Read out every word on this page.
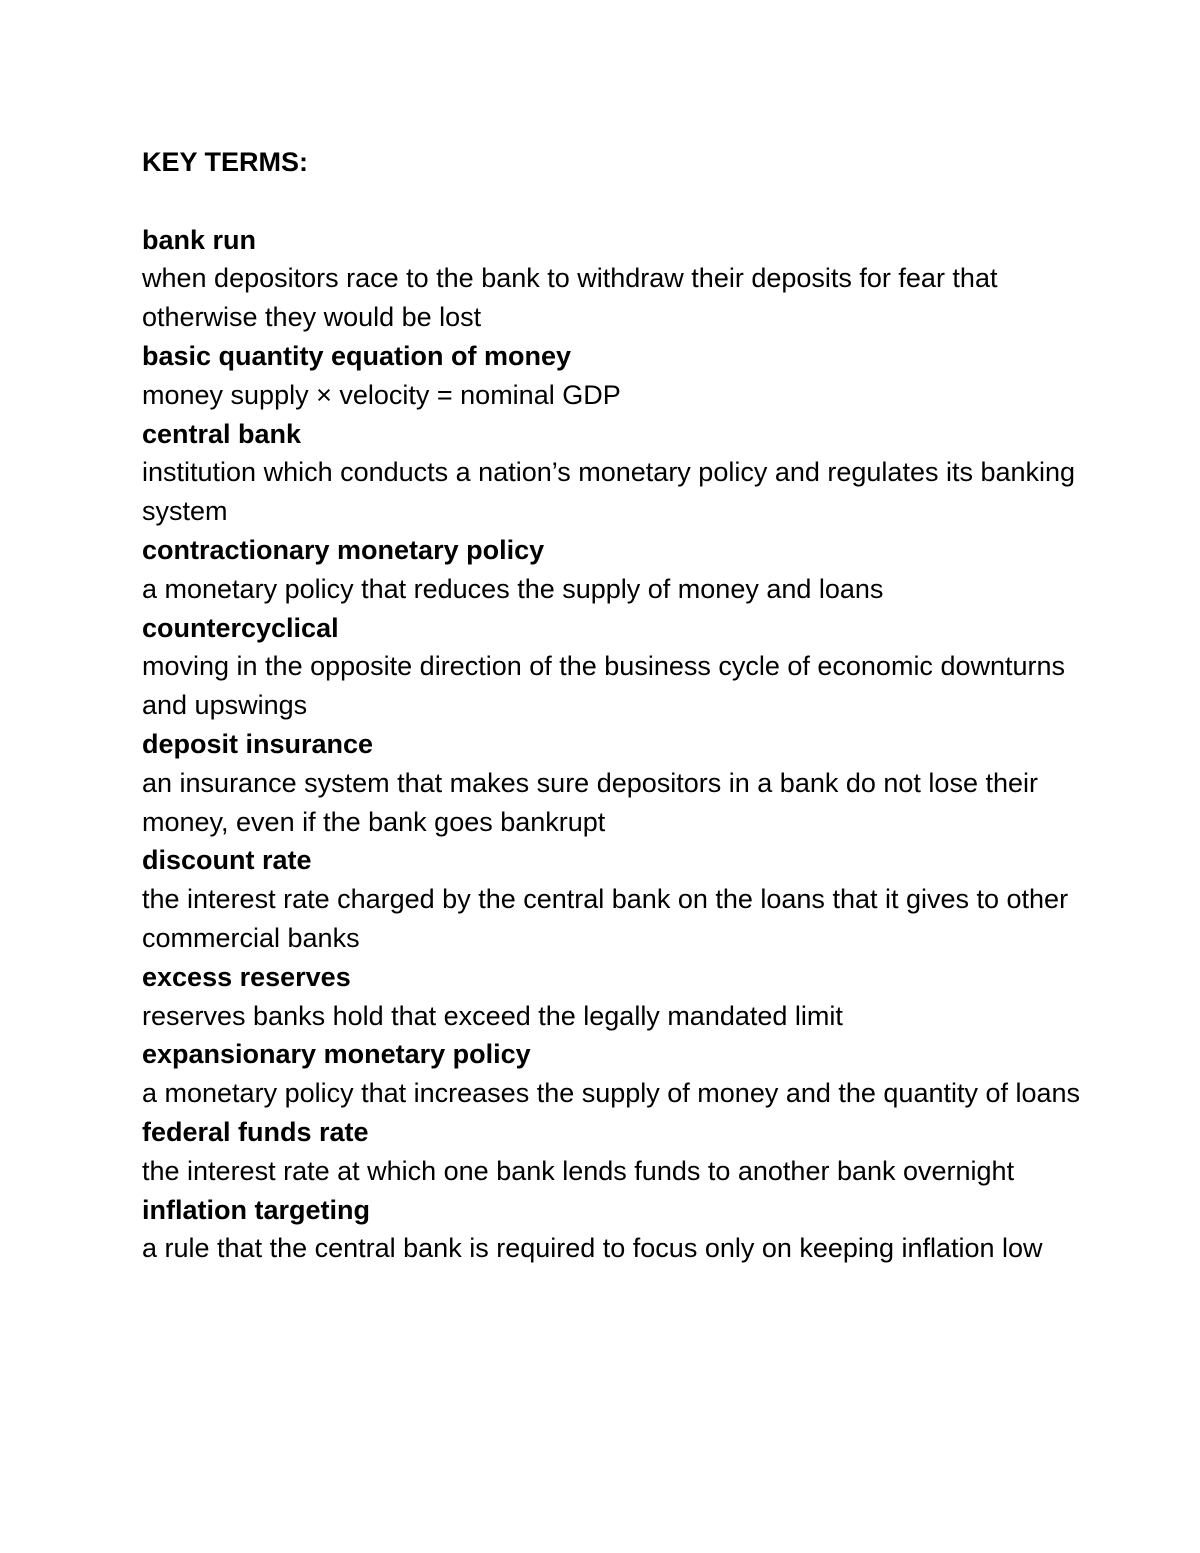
KEY TERMS:

bank run

when depositors race to the bank to withdraw their deposits for fear that otherwise they would be lost

basic quantity equation of money

money supply × velocity = nominal GDP

central bank

institution which conducts a nation’s monetary policy and regulates its banking system

contractionary monetary policy

a monetary policy that reduces the supply of money and loans

countercyclical

moving in the opposite direction of the business cycle of economic downturns and upswings

deposit insurance

an insurance system that makes sure depositors in a bank do not lose their money, even if the bank goes bankrupt

discount rate

the interest rate charged by the central bank on the loans that it gives to other commercial banks

excess reserves

reserves banks hold that exceed the legally mandated limit

expansionary monetary policy

a monetary policy that increases the supply of money and the quantity of loans

federal funds rate

the interest rate at which one bank lends funds to another bank overnight

inflation targeting

a rule that the central bank is required to focus only on keeping inflation low
